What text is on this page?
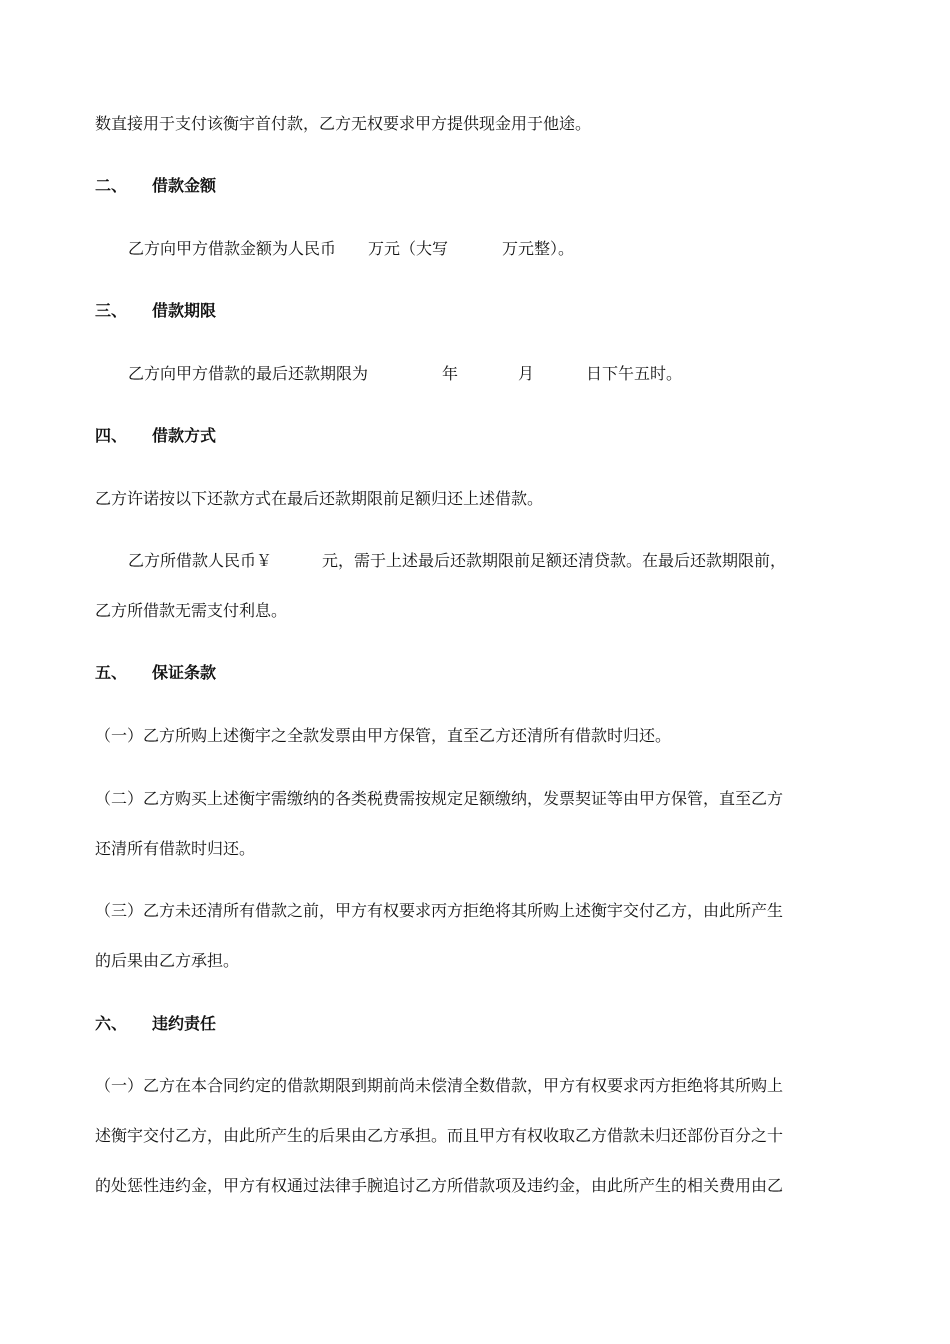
数直接用于支付该衡宇首付款，乙方无权要求甲方提供现金用于他途。
二、 借款金额
乙方向甲方借款金额为人民币 万元（大写	万元整）。
三、 借款期限
乙方向甲方借款的最后还款期限为	年	月	日下午五时。
四、 借款方式
乙方许诺按以下还款方式在最后还款期限前足额归还上述借款。
乙方所借款人民币￥	元，需于上述最后还款期限前足额还清贷款。在最后还款期限前，
乙方所借款无需支付利息。
五、 保证条款
（一）乙方所购上述衡宇之全款发票由甲方保管，直至乙方还清所有借款时归还。
（二）乙方购买上述衡宇需缴纳的各类税费需按规定足额缴纳，发票契证等由甲方保管，直至乙方
还清所有借款时归还。
（三）乙方未还清所有借款之前，甲方有权要求丙方拒绝将其所购上述衡宇交付乙方，由此所产生
的后果由乙方承担。
六、 违约责任
（一）乙方在本合同约定的借款期限到期前尚未偿清全数借款，甲方有权要求丙方拒绝将其所购上
述衡宇交付乙方，由此所产生的后果由乙方承担。而且甲方有权收取乙方借款未归还部份百分之十
的处惩性违约金，甲方有权通过法律手腕追讨乙方所借款项及违约金，由此所产生的相关费用由乙
